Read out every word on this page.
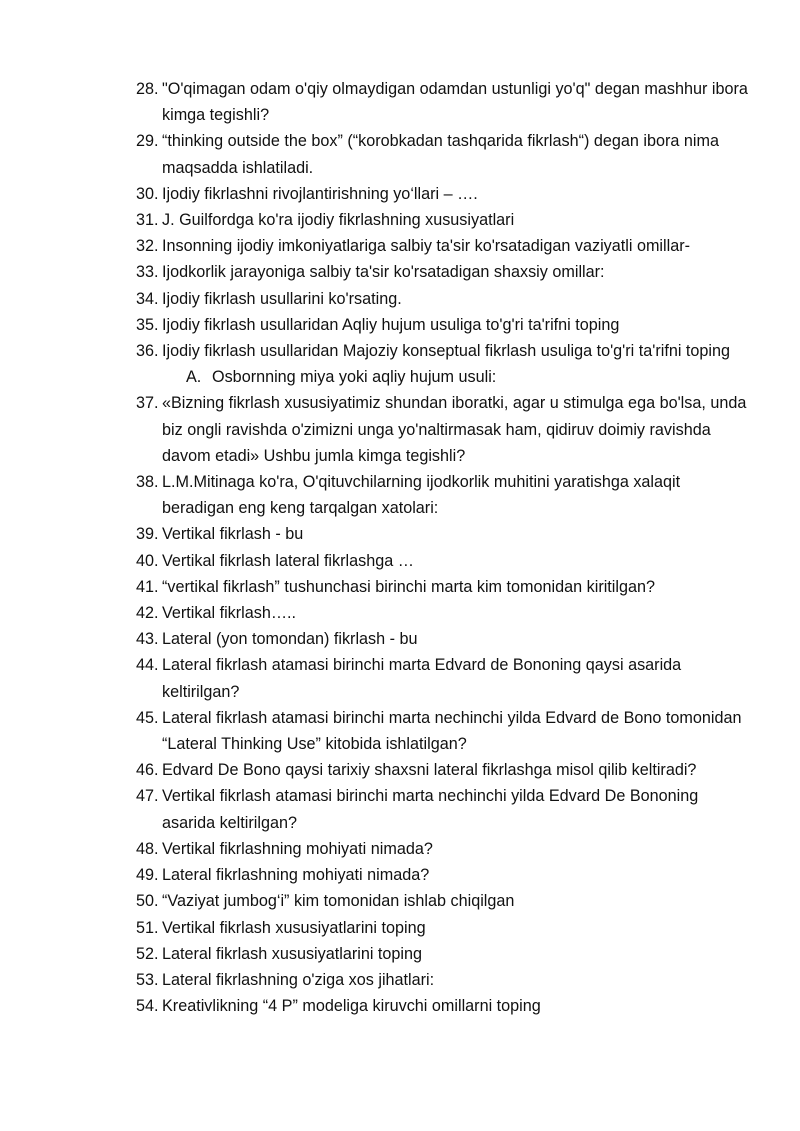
28. "O'qimagan odam o'qiy olmaydigan odamdan ustunligi yo'q" degan mashhur ibora kimga tegishli?
29. “thinking outside the box” (“korobkadan tashqarida fikrlash“) degan ibora nima maqsadda ishlatiladi.
30. Ijodiy fikrlashni rivojlantirishning yo‘llari – ….
31. J. Guilfordga ko'ra ijodiy fikrlashning xususiyatlari
32. Insonning ijodiy imkoniyatlariga salbiy ta'sir ko'rsatadigan vaziyatli omillar-
33. Ijodkorlik jarayoniga salbiy ta'sir ko'rsatadigan shaxsiy omillar:
34. Ijodiy fikrlash usullarini ko'rsating.
35. Ijodiy fikrlash usullaridan Aqliy hujum usuliga to'g'ri ta'rifni toping
36. Ijodiy fikrlash usullaridan Majoziy konseptual fikrlash usuliga to'g'ri ta'rifni toping
A. Osbornning miya yoki aqliy hujum usuli:
37. «Bizning fikrlash xususiyatimiz shundan iboratki, agar u stimulga ega bo'lsa, unda biz ongli ravishda o'zimizni unga yo'naltirmasak ham, qidiruv doimiy ravishda davom etadi» Ushbu jumla kimga tegishli?
38. L.M.Mitinaga ko'ra, O'qituvchilarning ijodkorlik muhitini yaratishga xalaqit beradigan eng keng tarqalgan xatolari:
39. Vertikal fikrlash - bu
40. Vertikal fikrlash lateral fikrlashga …
41. “vertikal fikrlash” tushunchasi birinchi marta kim tomonidan kiritilgan?
42. Vertikal fikrlash…..
43. Lateral (yon tomondan) fikrlash - bu
44. Lateral fikrlash atamasi birinchi marta Edvard de Bononing qaysi asarida keltirilgan?
45. Lateral fikrlash atamasi birinchi marta nechinchi yilda Edvard de Bono tomonidan “Lateral Thinking Use” kitobida ishlatilgan?
46. Edvard De Bono qaysi tarixiy shaxsni lateral fikrlashga misol qilib keltiradi?
47. Vertikal fikrlash atamasi birinchi marta nechinchi yilda Edvard De Bononing asarida keltirilgan?
48. Vertikal fikrlashning mohiyati nimada?
49. Lateral fikrlashning mohiyati nimada?
50. “Vaziyat jumbog‘i” kim tomonidan ishlab chiqilgan
51. Vertikal fikrlash xususiyatlarini toping
52. Lateral fikrlash xususiyatlarini toping
53. Lateral fikrlashning o'ziga xos jihatlari:
54. Kreativlikning “4 P” modeliga kiruvchi omillarni toping
